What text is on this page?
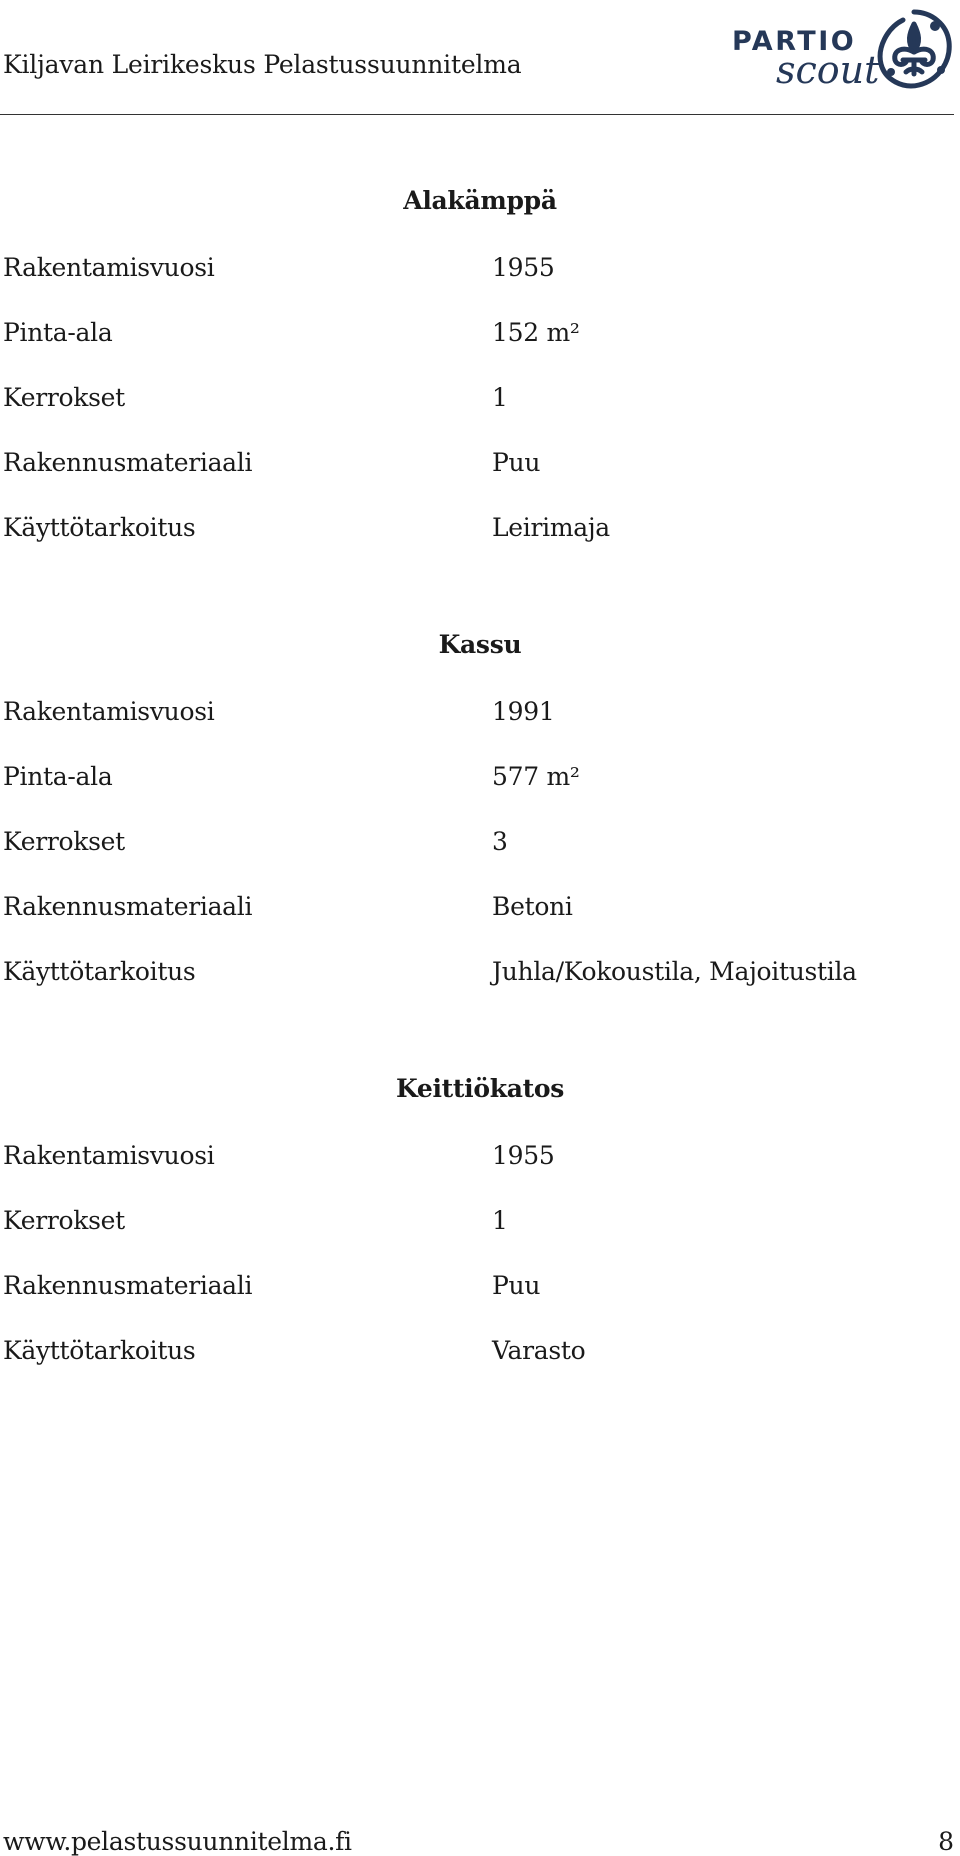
Kiljavan Leirikeskus Pelastussuunnitelma
PARTIO
scout
Alakämppä
Rakentamisvuosi	1955
Pinta-ala	152 m²
Kerrokset	1
Rakennusmateriaali	Puu
Käyttötarkoitus	Leirimaja
Kassu
Rakentamisvuosi	1991
Pinta-ala	577 m²
Kerrokset	3
Rakennusmateriaali	Betoni
Käyttötarkoitus	Juhla/Kokoustila, Majoitustila
Keittiökatos
Rakentamisvuosi	1955
Kerrokset	1
Rakennusmateriaali	Puu
Käyttötarkoitus	Varasto
www.pelastussuunnitelma.fi	8
